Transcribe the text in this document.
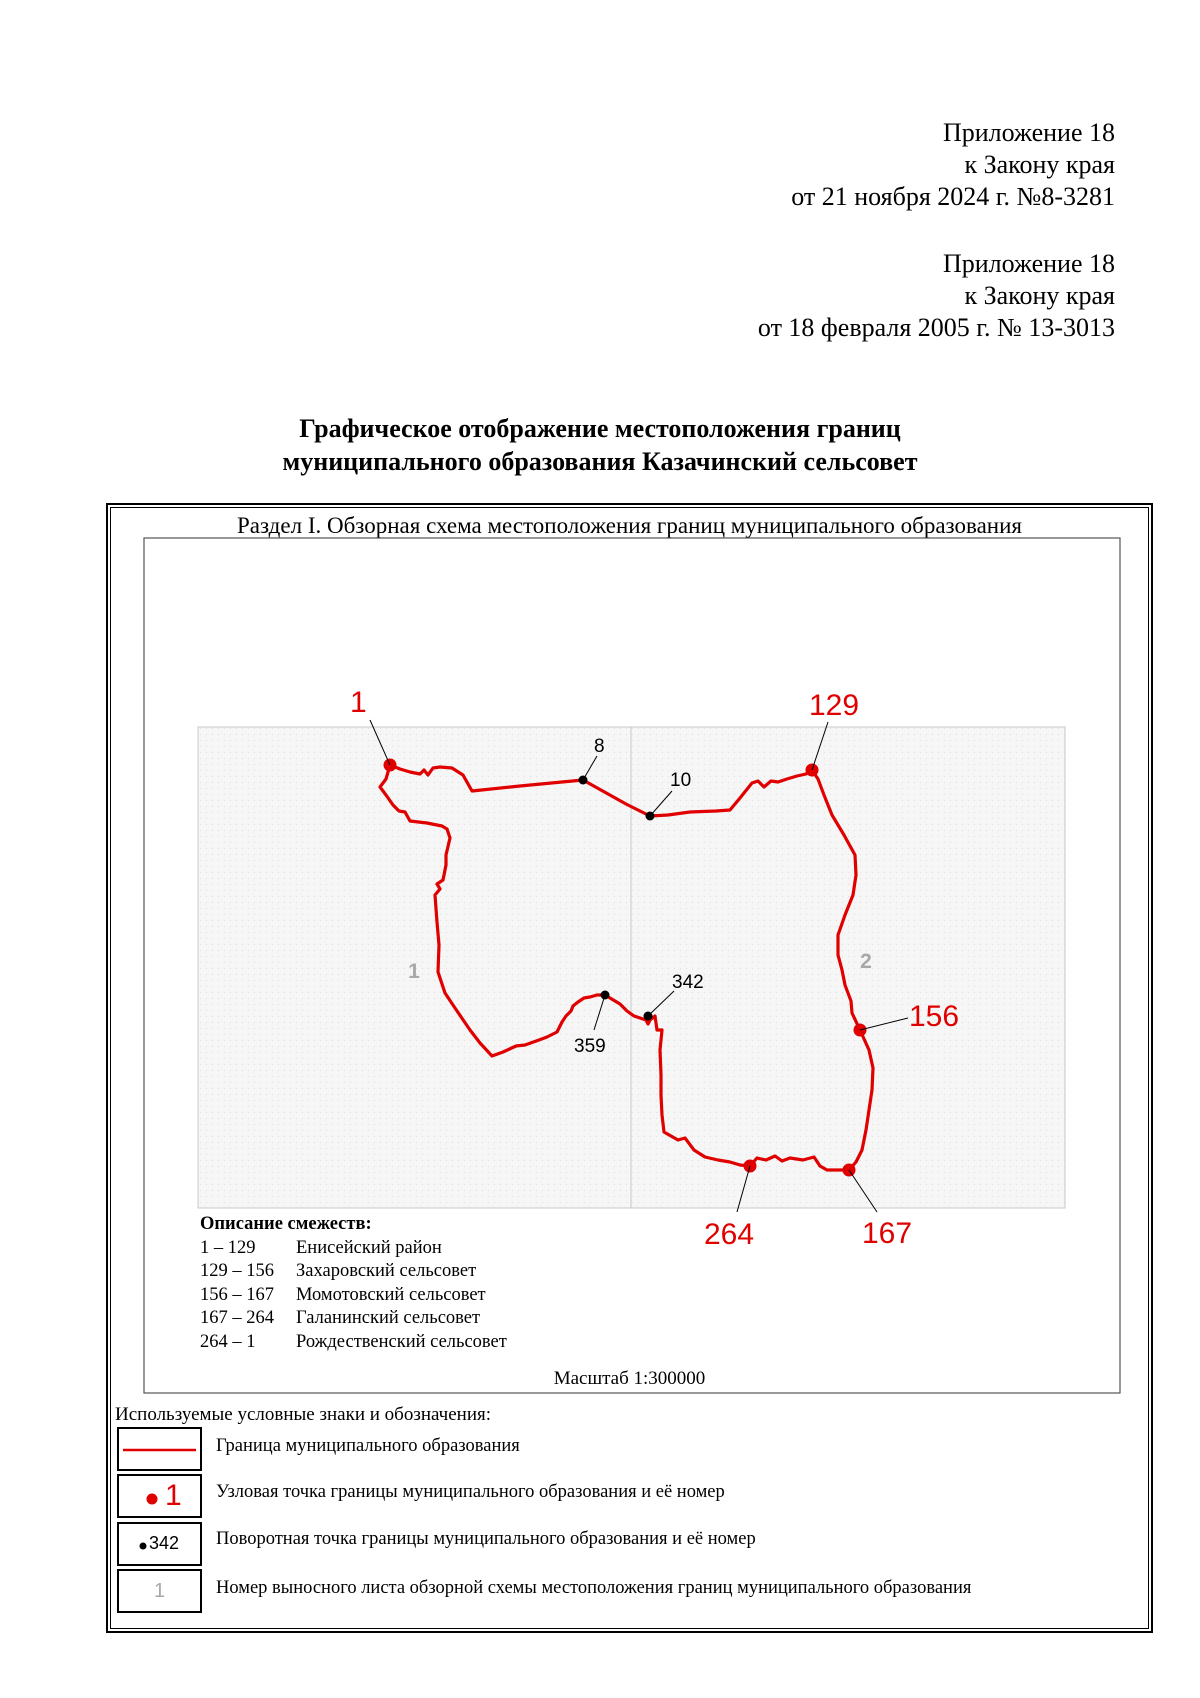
Приложение 18
к Закону края
от 21 ноября 2024 г. №8-3281
Приложение 18
к Закону края
от 18 февраля 2005 г. № 13-3013
Графическое отображение местоположения границ
муниципального образования Казачинский сельсовет
Раздел I. Обзорная схема местоположения границ муниципального образования
1	2
8
10
342
359
1	129
156
167
264
Описание смежеств:
1 – 129	Енисейский район
129 – 156	Захаровский сельсовет
156 – 167	Момотовский сельсовет
167 – 264	Галанинский сельсовет
264 – 1	Рождественский сельсовет
Масштаб 1:300000
Используемые условные знаки и обозначения:
Граница муниципального образования
1 Узловая точка границы муниципального образования и её номер
342 Поворотная точка границы муниципального образования и её номер
1	Номер выносного листа обзорной схемы местоположения границ муниципального образования
